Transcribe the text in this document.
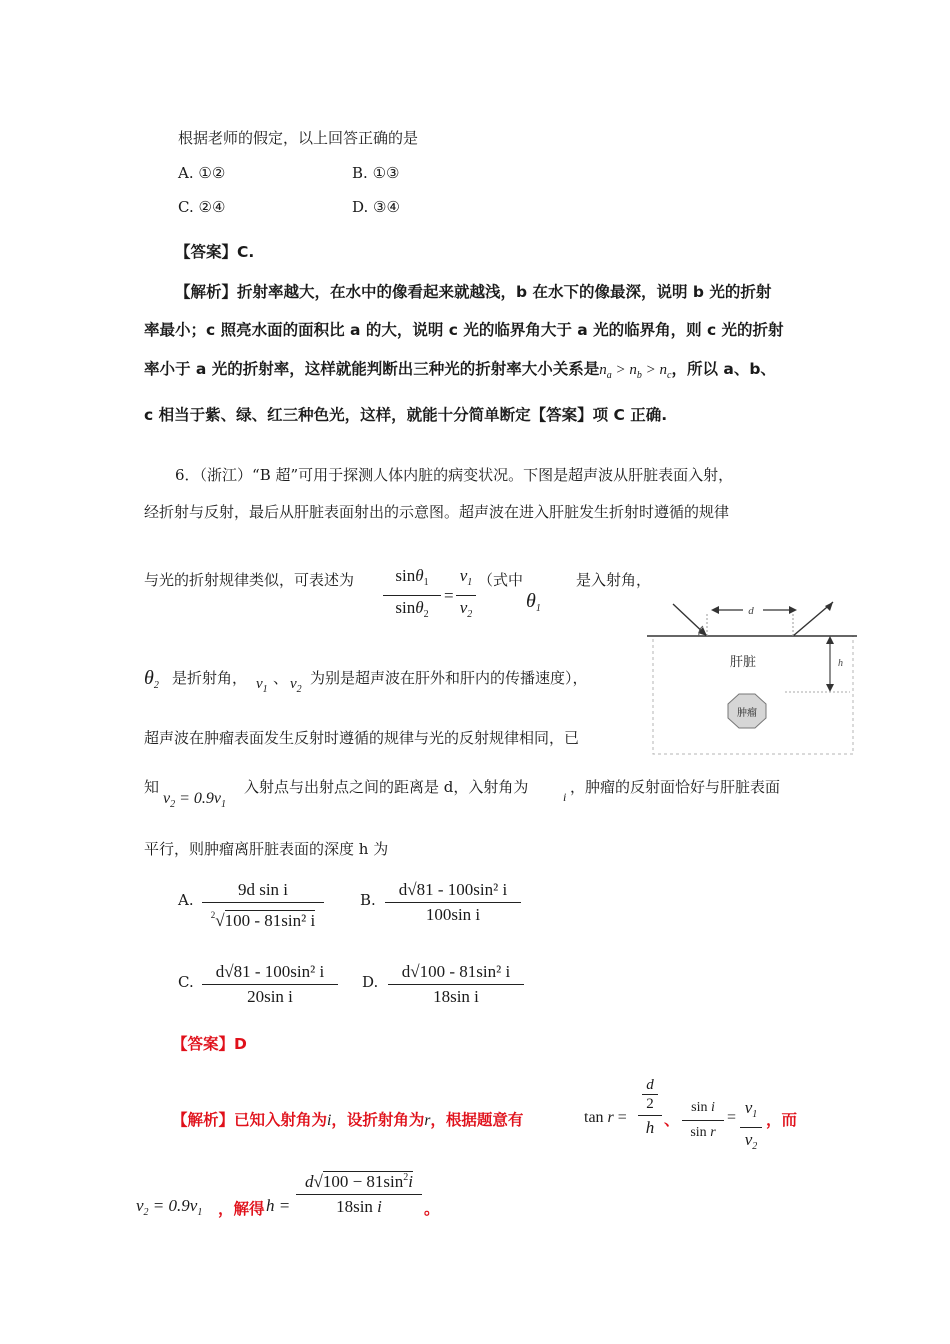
根据老师的假定，以上回答正确的是
A. ①②	B. ①③
C. ②④	D. ③④
【答案】C.
【解析】折射率越大，在水中的像看起来就越浅，b 在水下的像最深，说明 b 光的折射
率最小；c 照亮水面的面积比 a 的大，说明 c 光的临界角大于 a 光的临界角，则 c 光的折射
率小于 a 光的折射率，这样就能判断出三种光的折射率大小关系是$n_a > n_b > n_c$，所以 a、b、
c 相当于紫、绿、红三种色光，这样，就能十分简单断定【答案】项 C 正确.
6．（浙江）“B 超”可用于探测人体内脏的病变状况。下图是超声波从肝脏表面入射，
经折射与反射，最后从肝脏表面射出的示意图。超声波在进入肝脏发生折射时遵循的规律
与光的折射规律类似，可表述为	sinθ$_1$
sinθ$_2$
=
$v_1$
$v_2$
（式中
$\theta_1$
是入射角，
$\theta_2$ 是折射角， $v_1$
、 $v_2$
为别是超声波在肝外和肝内的传播速度），
超声波在肿瘤表面发生反射时遵循的规律与光的反射规律相同，已
知
$v_2 = 0.9v_1$
入射点与出射点之间的距离是 d，入射角为
i
，肿瘤的反射面恰好与肝脏表面
平行，则肿瘤离肝脏表面的深度 h 为
A.
9d sin i
$^2$√100 - 81sin² i
B.
d√81 - 100sin² i
100sin i
C.
d√81 - 100sin² i
20sin i
D.
d√100 - 81sin² i
18sin i
【答案】D
【解析】已知入射角为i，设折射角为r，根据题意有	tan r =
d
2
h 、
sin i
sin r
=
$v_1$
$v_2$
，而
$v_2 = 0.9v_1$ ，解得 h =
$d√100 - 81\sin^2i$
18sin i	。
d
h
肝脏
肿瘤
